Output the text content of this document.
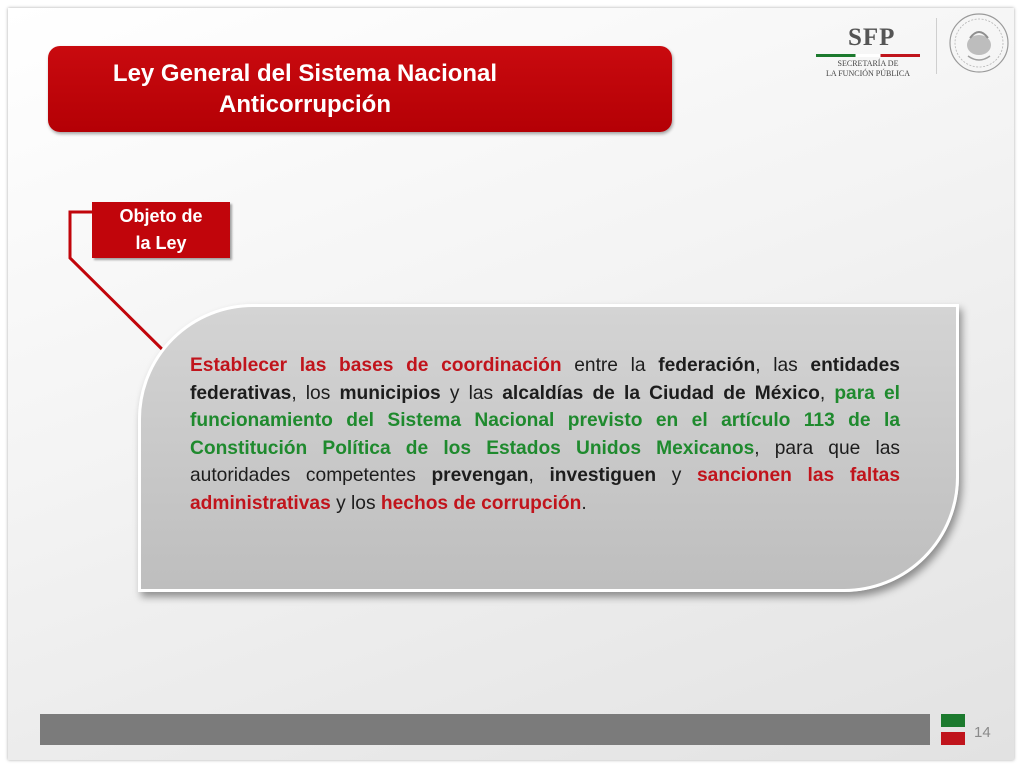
Ley General del Sistema Nacional
Anticorrupción
SFP
SECRETARÍA DE
LA FUNCIÓN PÚBLICA
Objeto de
la Ley
Establecer las bases de coordinación entre la federación, las entidades federativas, los municipios y las alcaldías de la Ciudad de México, para el funcionamiento del Sistema Nacional previsto en el artículo 113 de la Constitución Política de los Estados Unidos Mexicanos, para que las autoridades competentes prevengan, investiguen y sancionen las faltas administrativas y los hechos de corrupción.
14
